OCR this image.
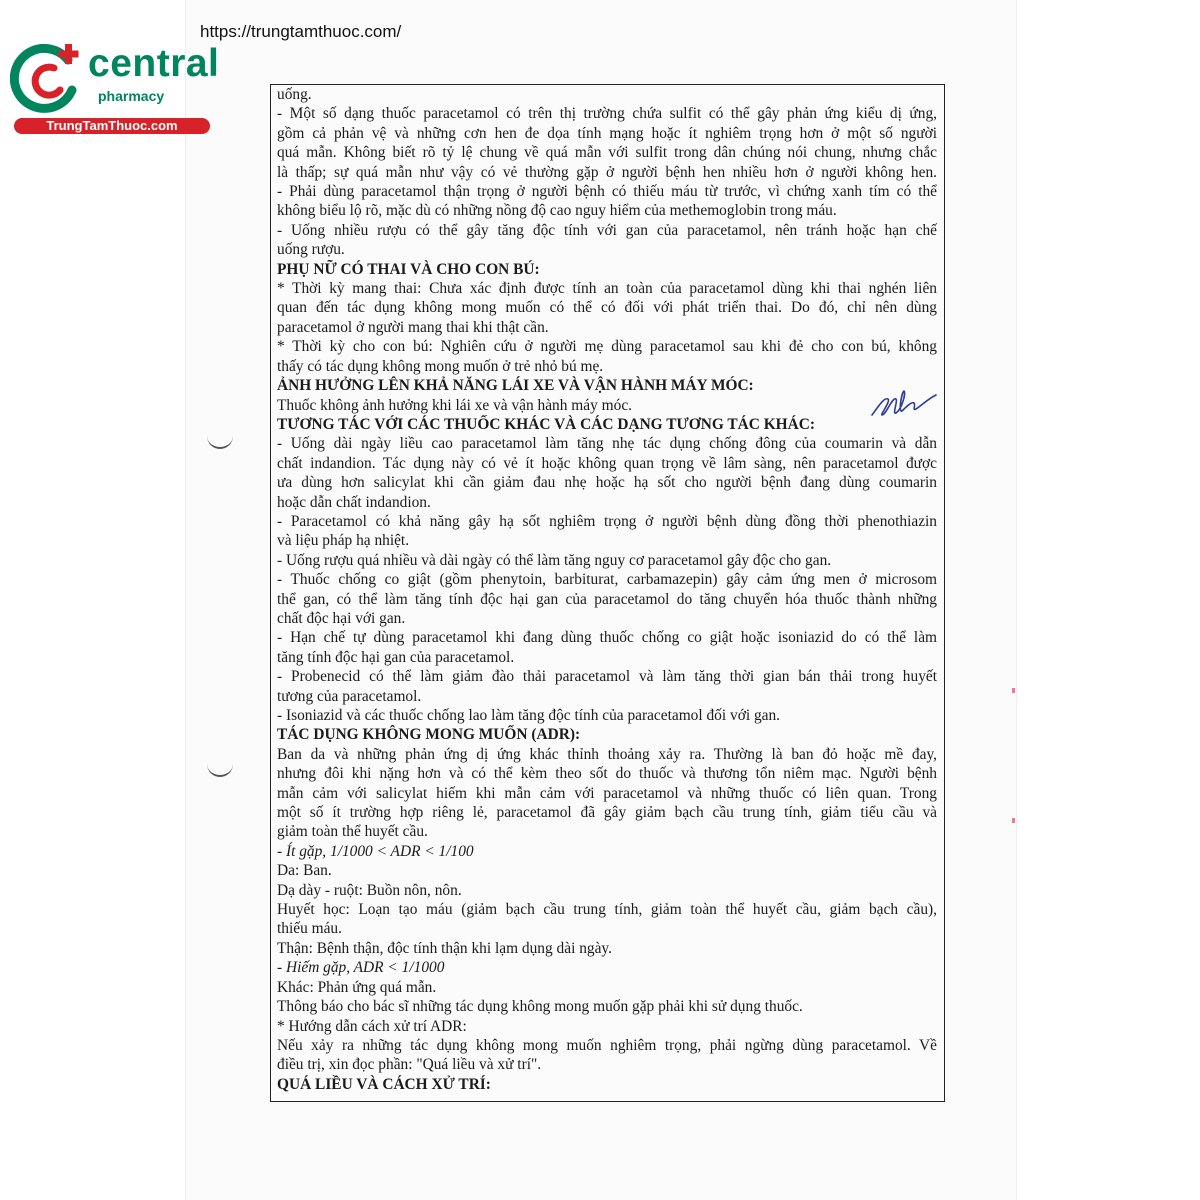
https://trungtamthuoc.com/
central
pharmacy
TrungTamThuoc.com
uống.
- Một số dạng thuốc paracetamol có trên thị trường chứa sulfit có thể gây phản ứng kiểu dị ứng,
gồm cả phản vệ và những cơn hen đe dọa tính mạng hoặc ít nghiêm trọng hơn ở một số người
quá mẫn. Không biết rõ tỷ lệ chung về quá mẫn với sulfit trong dân chúng nói chung, nhưng chắc
là thấp; sự quá mẫn như vậy có vẻ thường gặp ở người bệnh hen nhiều hơn ở người không hen.
- Phải dùng paracetamol thận trọng ở người bệnh có thiếu máu từ trước, vì chứng xanh tím có thể
không biểu lộ rõ, mặc dù có những nồng độ cao nguy hiểm của methemoglobin trong máu.
- Uống nhiều rượu có thể gây tăng độc tính với gan của paracetamol, nên tránh hoặc hạn chế
uống rượu.
PHỤ NỮ CÓ THAI VÀ CHO CON BÚ:
* Thời kỳ mang thai: Chưa xác định được tính an toàn của paracetamol dùng khi thai nghén liên
quan đến tác dụng không mong muốn có thể có đối với phát triển thai. Do đó, chỉ nên dùng
paracetamol ở người mang thai khi thật cần.
* Thời kỳ cho con bú: Nghiên cứu ở người mẹ dùng paracetamol sau khi đẻ cho con bú, không
thấy có tác dụng không mong muốn ở trẻ nhỏ bú mẹ.
ẢNH HƯỞNG LÊN KHẢ NĂNG LÁI XE VÀ VẬN HÀNH MÁY MÓC:
Thuốc không ảnh hưởng khi lái xe và vận hành máy móc.
TƯƠNG TÁC VỚI CÁC THUỐC KHÁC VÀ CÁC DẠNG TƯƠNG TÁC KHÁC:
- Uống dài ngày liều cao paracetamol làm tăng nhẹ tác dụng chống đông của coumarin và dẫn
chất indandion. Tác dụng này có vẻ ít hoặc không quan trọng về lâm sàng, nên paracetamol được
ưa dùng hơn salicylat khi cần giảm đau nhẹ hoặc hạ sốt cho người bệnh đang dùng coumarin
hoặc dẫn chất indandion.
- Paracetamol có khả năng gây hạ sốt nghiêm trọng ở người bệnh dùng đồng thời phenothiazin
và liệu pháp hạ nhiệt.
- Uống rượu quá nhiều và dài ngày có thể làm tăng nguy cơ paracetamol gây độc cho gan.
- Thuốc chống co giật (gồm phenytoin, barbiturat, carbamazepin) gây cảm ứng men ở microsom
thể gan, có thể làm tăng tính độc hại gan của paracetamol do tăng chuyển hóa thuốc thành những
chất độc hại với gan.
- Hạn chế tự dùng paracetamol khi đang dùng thuốc chống co giật hoặc isoniazid do có thể làm
tăng tính độc hại gan của paracetamol.
- Probenecid có thể làm giảm đào thải paracetamol và làm tăng thời gian bán thải trong huyết
tương của paracetamol.
- Isoniazid và các thuốc chống lao làm tăng độc tính của paracetamol đối với gan.
TÁC DỤNG KHÔNG MONG MUỐN (ADR):
Ban da và những phản ứng dị ứng khác thỉnh thoảng xảy ra. Thường là ban đỏ hoặc mề đay,
nhưng đôi khi nặng hơn và có thể kèm theo sốt do thuốc và thương tổn niêm mạc. Người bệnh
mẫn cảm với salicylat hiếm khi mẫn cảm với paracetamol và những thuốc có liên quan. Trong
một số ít trường hợp riêng lẻ, paracetamol đã gây giảm bạch cầu trung tính, giảm tiểu cầu và
giảm toàn thể huyết cầu.
- Ít gặp, 1/1000 < ADR < 1/100
Da: Ban.
Dạ dày - ruột: Buồn nôn, nôn.
Huyết học: Loạn tạo máu (giảm bạch cầu trung tính, giảm toàn thể huyết cầu, giảm bạch cầu),
thiếu máu.
Thận: Bệnh thận, độc tính thận khi lạm dụng dài ngày.
- Hiếm gặp, ADR < 1/1000
Khác: Phản ứng quá mẫn.
Thông báo cho bác sĩ những tác dụng không mong muốn gặp phải khi sử dụng thuốc.
* Hướng dẫn cách xử trí ADR:
Nếu xảy ra những tác dụng không mong muốn nghiêm trọng, phải ngừng dùng paracetamol. Về
điều trị, xin đọc phần: "Quá liều và xử trí".
QUÁ LIỀU VÀ CÁCH XỬ TRÍ:
